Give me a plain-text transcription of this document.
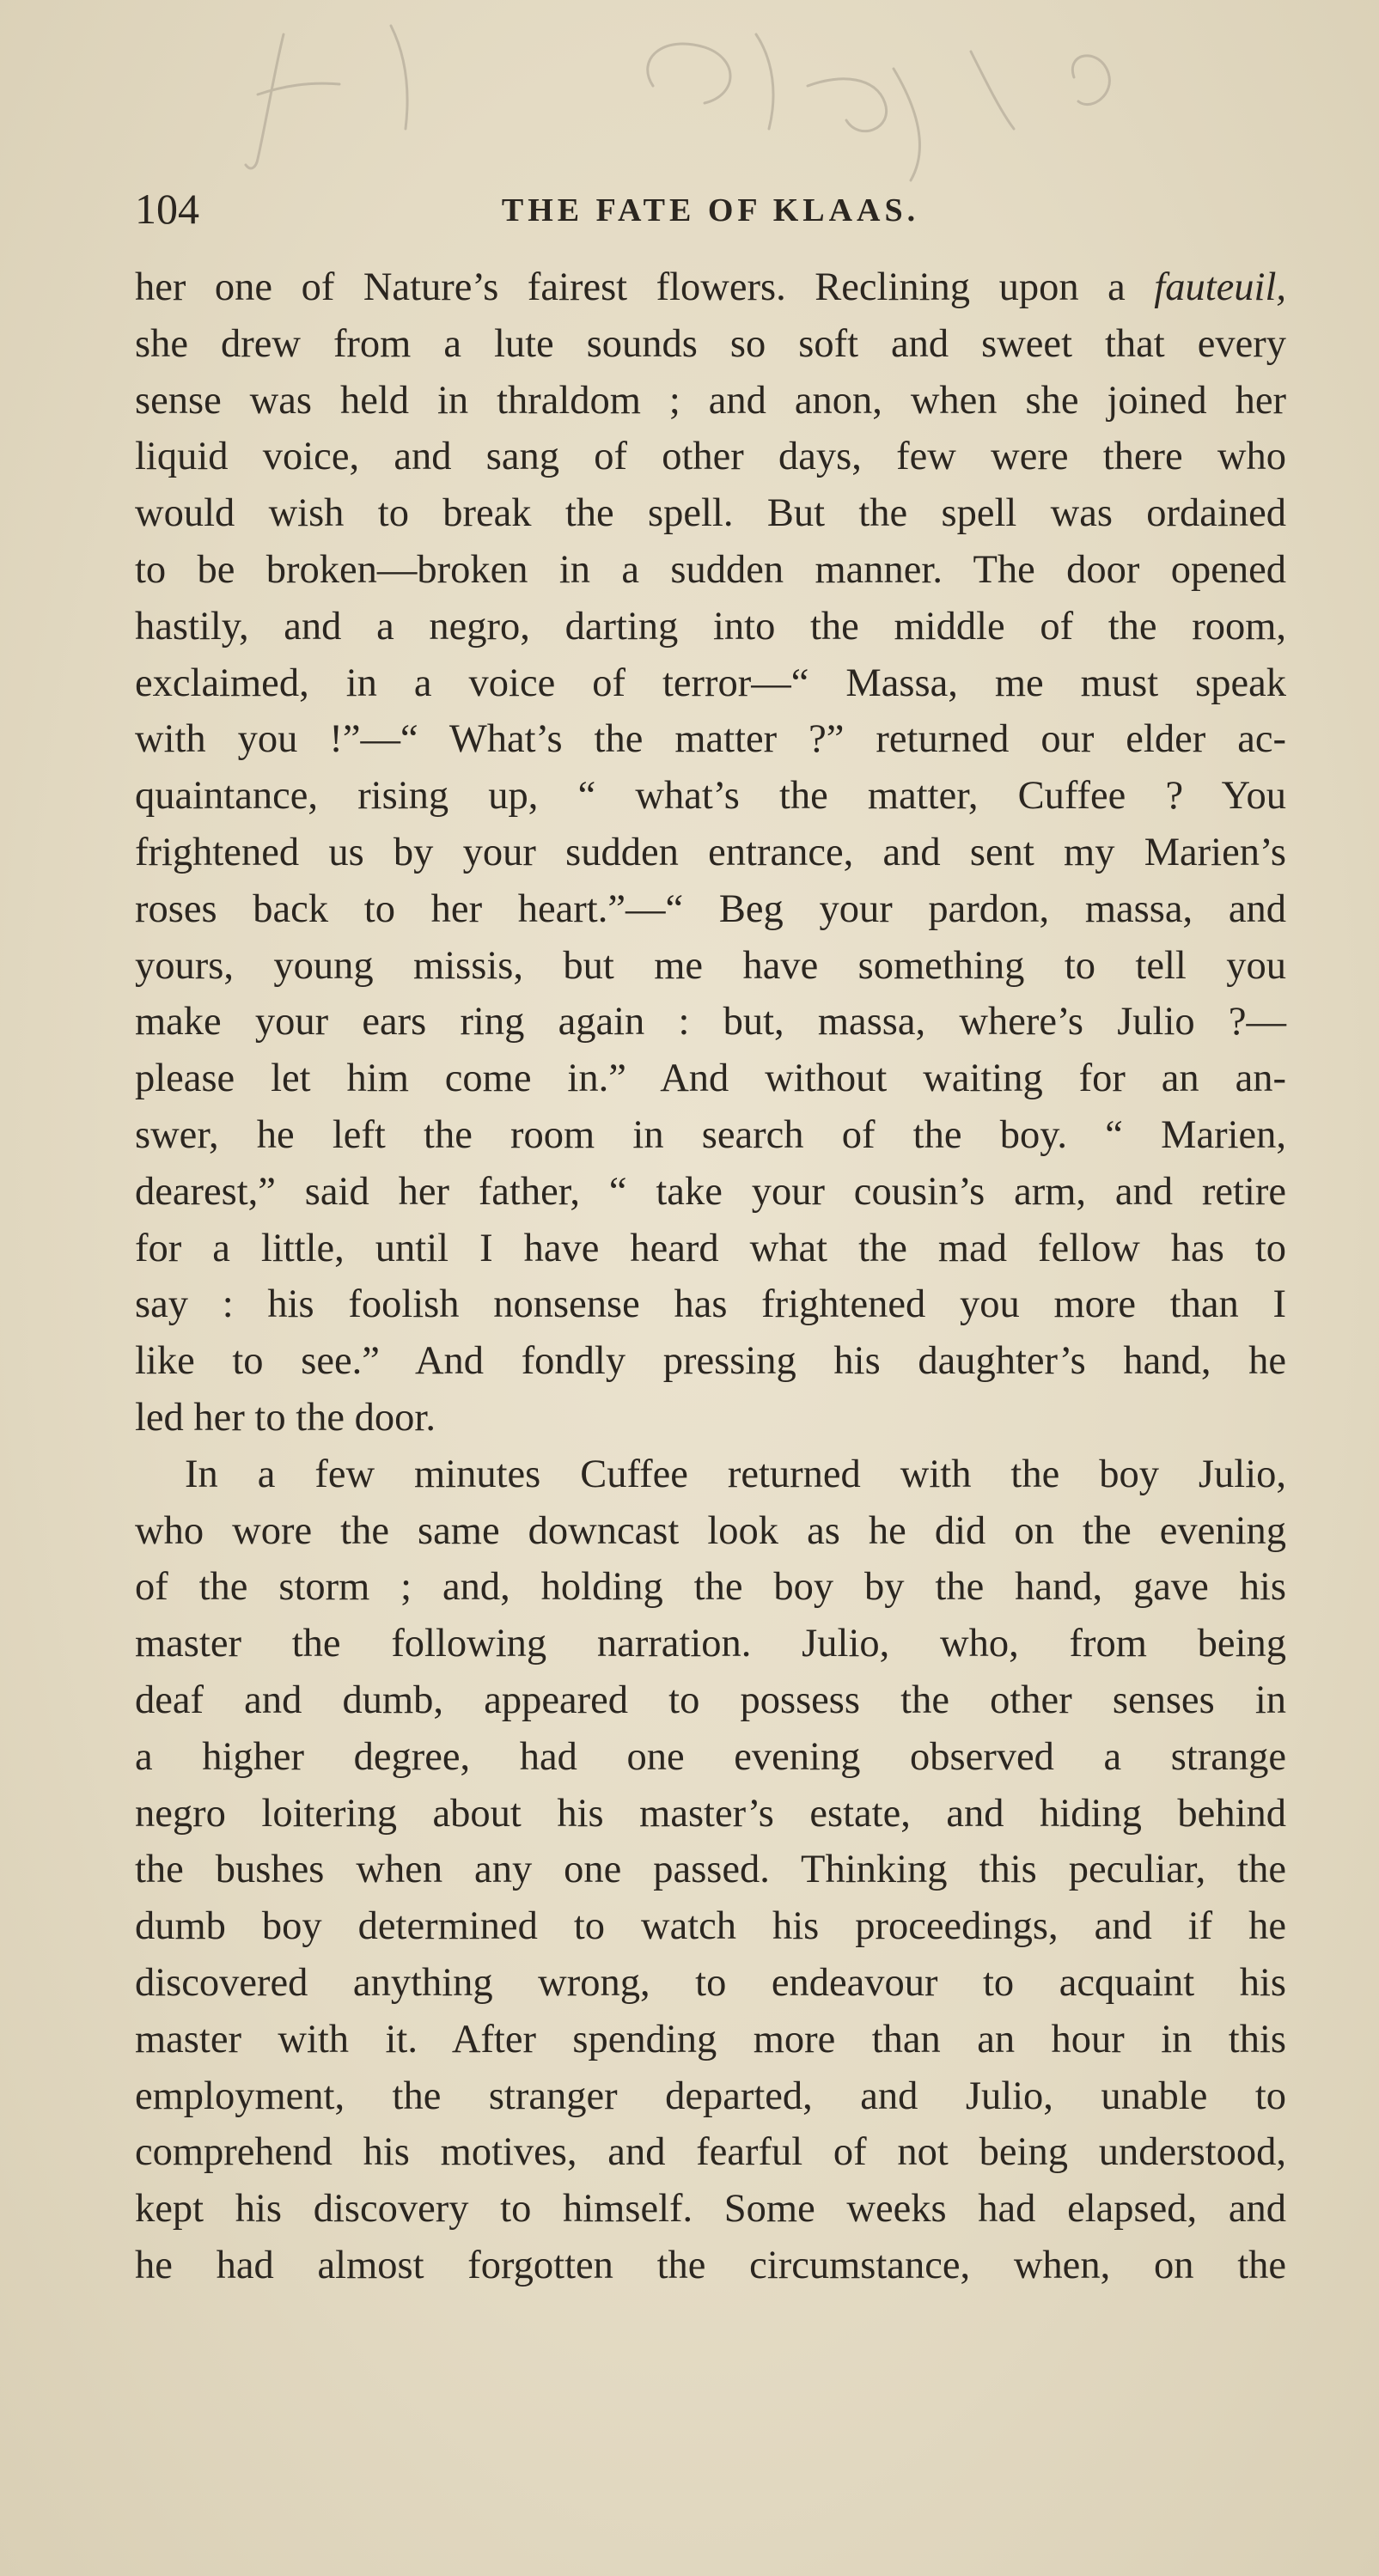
104	THE FATE OF KLAAS.
her one of Nature’s fairest flowers. Reclining upon a fauteuil,
she drew from a lute sounds so soft and sweet that every
sense was held in thraldom ; and anon, when she joined her
liquid voice, and sang of other days, few were there who
would wish to break the spell. But the spell was ordained
to be broken—broken in a sudden manner. The door opened
hastily, and a negro, darting into the middle of the room,
exclaimed, in a voice of terror—“ Massa, me must speak
with you !”—“ What’s the matter ?” returned our elder ac-
quaintance, rising up, “ what’s the matter, Cuffee ? You
frightened us by your sudden entrance, and sent my Marien’s
roses back to her heart.”—“ Beg your pardon, massa, and
yours, young missis, but me have something to tell you
make your ears ring again : but, massa, where’s Julio ?—
please let him come in.” And without waiting for an an-
swer, he left the room in search of the boy. “ Marien,
dearest,” said her father, “ take your cousin’s arm, and retire
for a little, until I have heard what the mad fellow has to
say : his foolish nonsense has frightened you more than I
like to see.” And fondly pressing his daughter’s hand, he
led her to the door.
In a few minutes Cuffee returned with the boy Julio,
who wore the same downcast look as he did on the evening
of the storm ; and, holding the boy by the hand, gave his
master the following narration. Julio, who, from being
deaf and dumb, appeared to possess the other senses in
a higher degree, had one evening observed a strange
negro loitering about his master’s estate, and hiding behind
the bushes when any one passed. Thinking this peculiar, the
dumb boy determined to watch his proceedings, and if he
discovered anything wrong, to endeavour to acquaint his
master with it. After spending more than an hour in this
employment, the stranger departed, and Julio, unable to
comprehend his motives, and fearful of not being understood,
kept his discovery to himself. Some weeks had elapsed, and
he had almost forgotten the circumstance, when, on the
